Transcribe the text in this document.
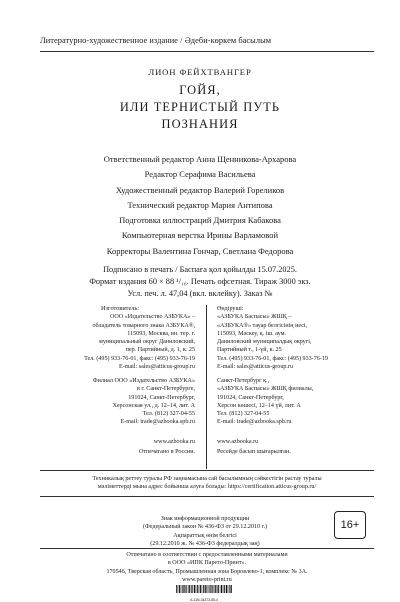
Литературно-художественное издание / Әдеби-көркем басылым
ЛИОН ФЕЙХТВАНГЕР
ГОЙЯ,
ИЛИ ТЕРНИСТЫЙ ПУТЬ
ПОЗНАНИЯ
Ответственный редактор Анна Щенникова-Архарова
Редактор Серафима Васильева
Художественный редактор Валерий Гореликов
Технический редактор Мария Антипова
Подготовка иллюстраций Дмитрия Кабакова
Компьютерная верстка Ирины Варламовой
Корректоры Валентина Гончар, Светлана Федорова
Подписано в печать / Баспаға қол қойылды 15.07.2025.
Формат издания 60 × 88 ¹/₁₆. Печать офсетная. Тираж 3000 экз.
Усл. печ. л. 47,04 (вкл. вклейку). Заказ №
Изготовитель:
ООО «Издательство АЗБУКА» –
обладатель товарного знака АЗБУКА®,
115093, Москва, вн. тер. г.
муниципальный округ Даниловский,
пер. Партийный, д. 1, к. 25
Тел. (495) 933-76-01, факс: (495) 933-76-19
E-mail: sales@atticus-group.ru
Өндіруші:
«АЗБУКА Баспасы» ЖШҚ –
«АЗБУКА®» тауар белгісінің иесі,
115093, Мәскеу, қ. іш. аум.
Даниловский муниципалдық округі,
Партийный т., 1-үй, к. 25
Тел. (495) 933-76-01, факс: (495) 933-76-19
E-mail: sales@atticus-group.ru
Филиал ООО «Издательство АЗБУКА»
в г. Санкт-Петербурге,
191024, Санкт-Петербург,
Херсонская ул., д. 12–14, лит. А
Тел. (812) 327-04-55
E-mail: trade@azbooka.spb.ru
Санкт-Петербург қ.,
«АЗБУКА Баспасы» ЖШҚ филиалы,
191024, Санкт-Петербург,
Херсон көшесі, 12–14 үй, лит. А
Тел. (812) 327-04-55
E-mail: trade@azbooka.spb.ru
www.azbooka.ru
Отпечатано в России.
www.azbooka.ru
Ресейде басып шығарылған.
Техникалық реттеу туралы РФ заңнамасына сай басылымның сәйкестігін растау туралы
мәліметтерді мына адрес бойынша алуға болады: https://certification.atticus-group.ru/
Знак информационной продукции
(Федеральный закон № 436-ФЗ от 29.12.2010 г.)
Ақпараттық өнім белгісі
(29.12.2010 ж. № 436-ФЗ федералдық заң)
16+
Отпечатано в соответствии с предоставленными материалами
в ООО «ИПК Парето-Принт».
170546, Тверская область, Промышленная зона Боровлево-1, комплекс № 3А.
www.pareto-print.ru
A-11N-34373-85-4
